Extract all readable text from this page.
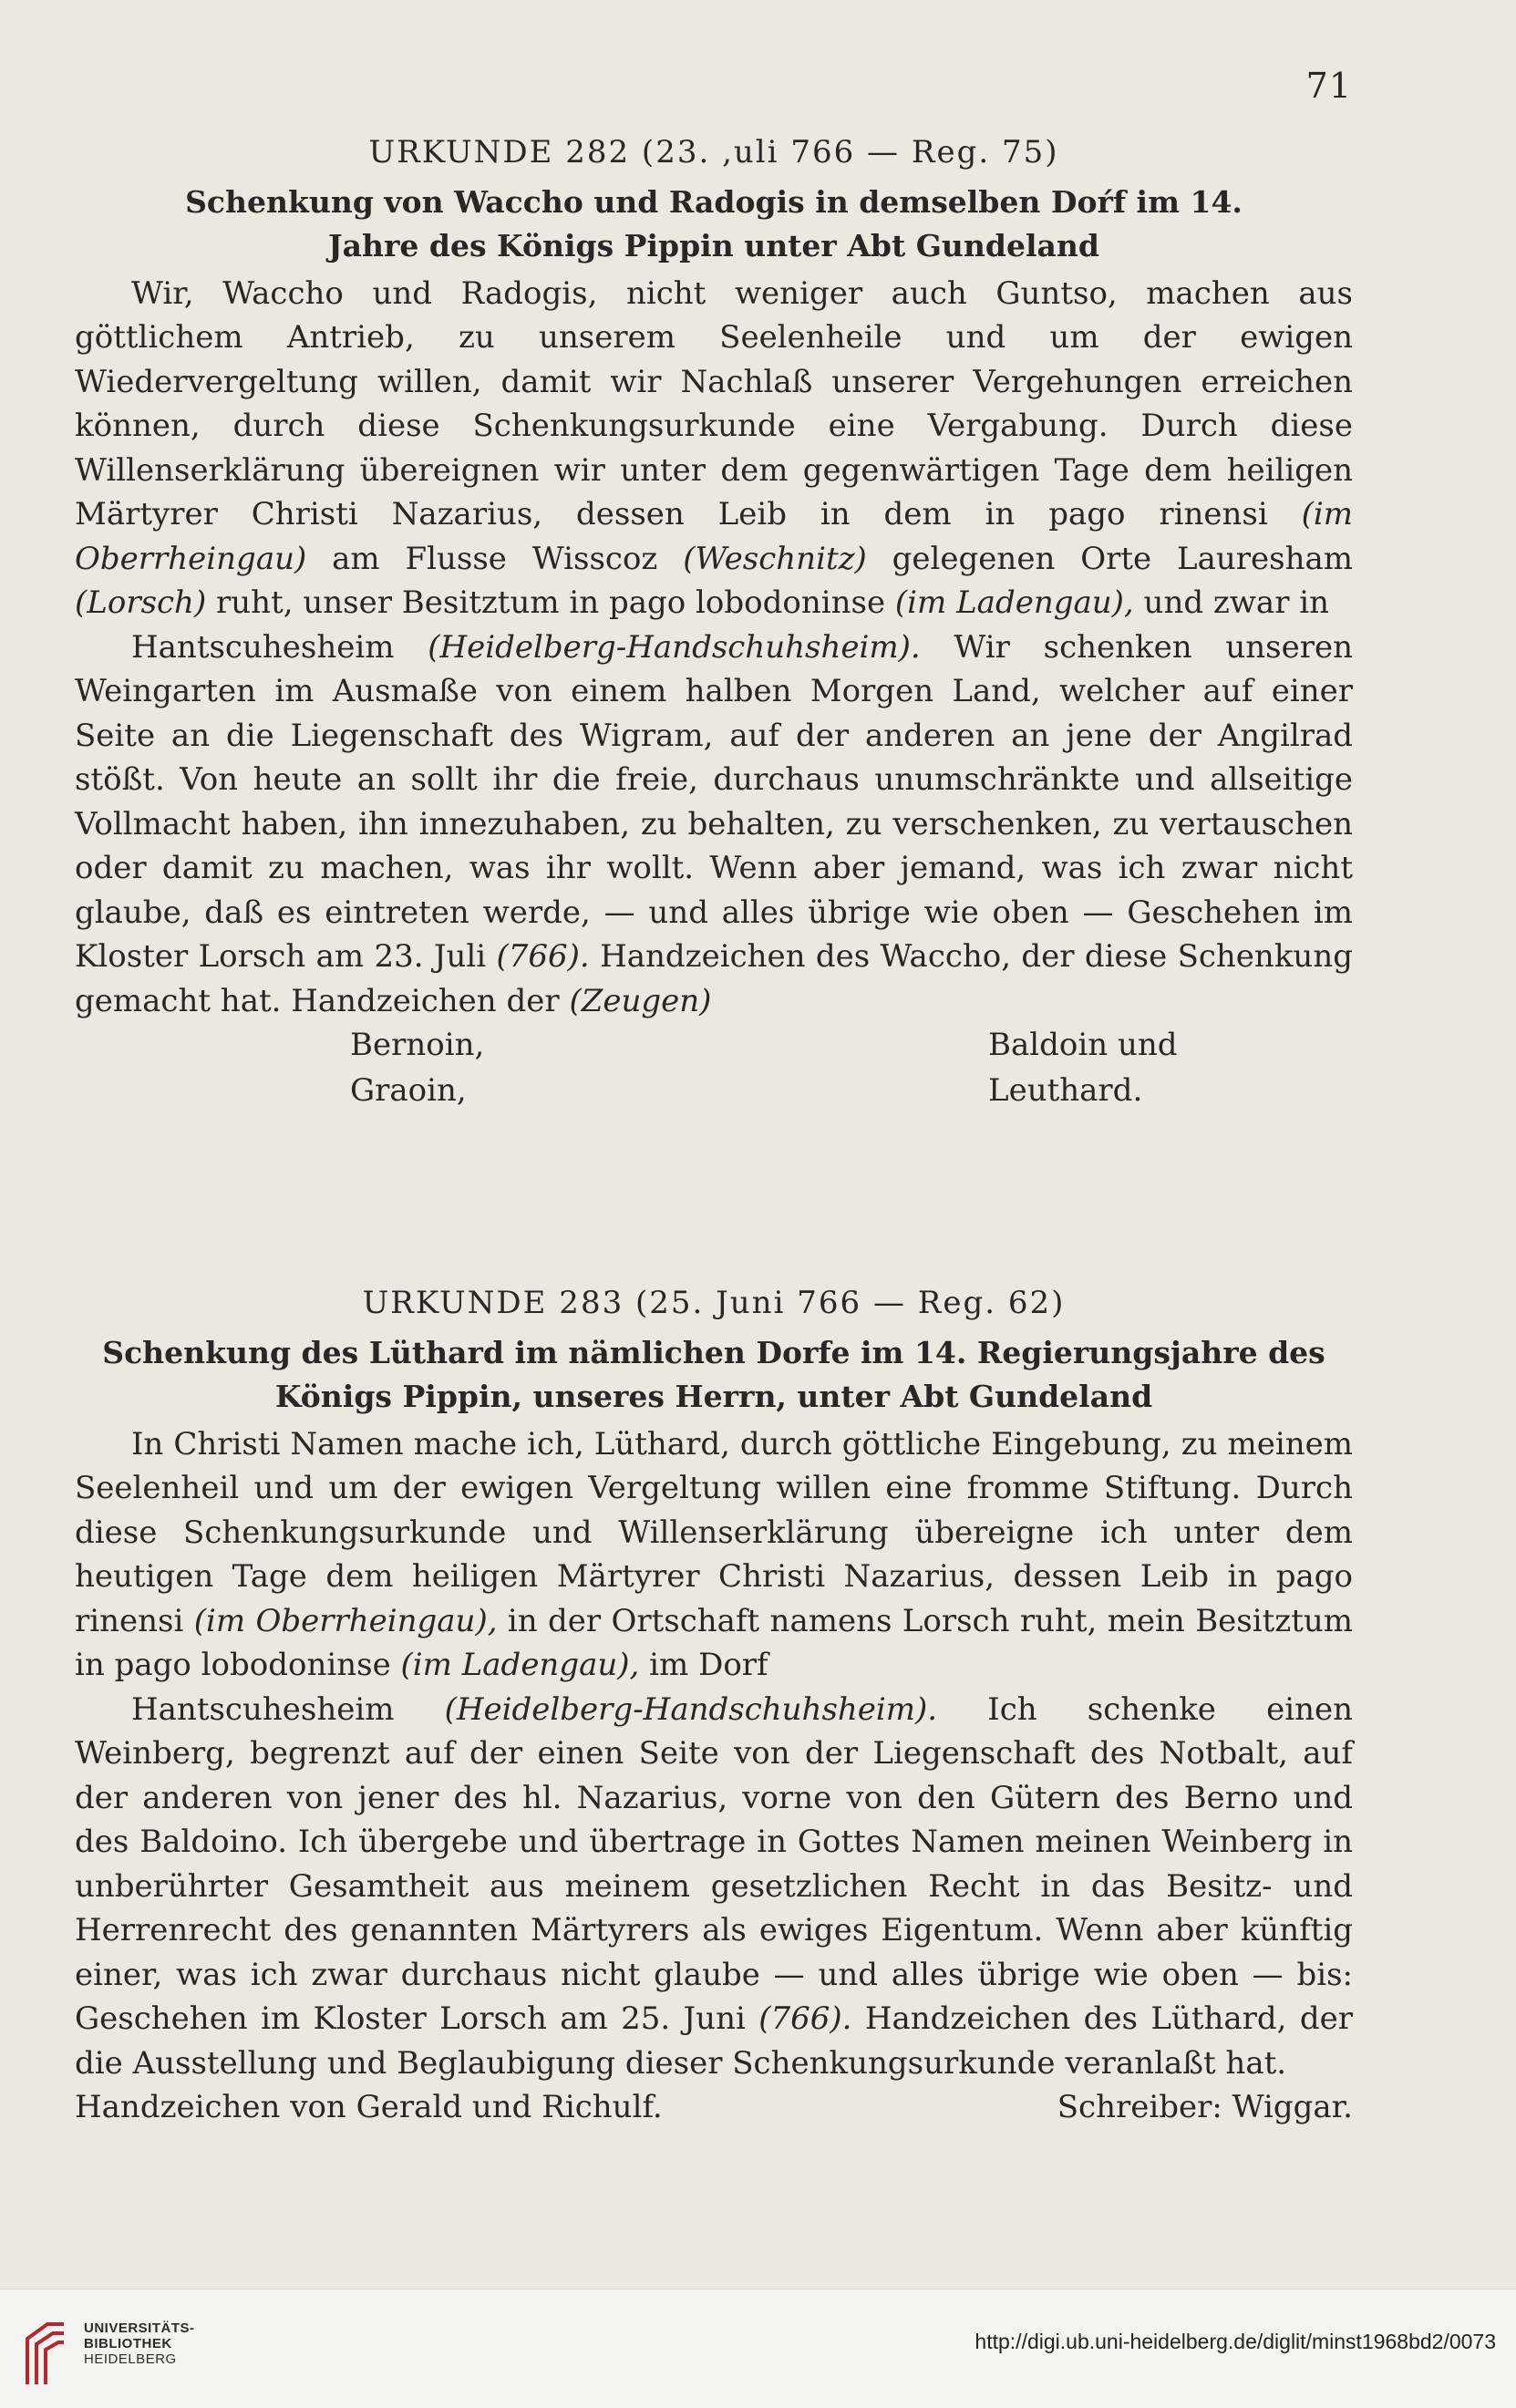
71
URKUNDE 282 (23. ,uli 766 — Reg. 75)
Schenkung von Waccho und Radogis in demselben Doŕf im 14. Jahre des Königs Pippin unter Abt Gundeland

Wir, Waccho und Radogis, nicht weniger auch Guntso, machen aus göttlichem Antrieb, zu unserem Seelenheile und um der ewigen Wiedervergeltung willen, damit wir Nachlaß unserer Vergehungen erreichen können, durch diese Schenkungsurkunde eine Vergabung. Durch diese Willenserklärung übereignen wir unter dem gegenwärtigen Tage dem heiligen Märtyrer Christi Nazarius, dessen Leib in dem in pago rinensi (im Oberrheingau) am Flusse Wisscoz (Weschnitz) gelegenen Orte Lauresham (Lorsch) ruht, unser Besitztum in pago lobodoninse (im Ladengau), und zwar in

Hantscuhesheim (Heidelberg-Handschuhsheim). Wir schenken unseren Weingarten im Ausmaße von einem halben Morgen Land, welcher auf einer Seite an die Liegenschaft des Wigram, auf der anderen an jene der Angilrad stößt. Von heute an sollt ihr die freie, durchaus unumschränkte und allseitige Vollmacht haben, ihn innezuhaben, zu behalten, zu verschenken, zu vertauschen oder damit zu machen, was ihr wollt. Wenn aber jemand, was ich zwar nicht glaube, daß es eintreten werde, — und alles übrige wie oben — Geschehen im Kloster Lorsch am 23. Juli (766). Handzeichen des Waccho, der diese Schenkung gemacht hat. Handzeichen der (Zeugen)

Bernoin,	Baldoin und
Graoin,	Leuthard.
URKUNDE 283 (25. Juni 766 — Reg. 62)
Schenkung des Lüthard im nämlichen Dorfe im 14. Regierungsjahre des Königs Pippin, unseres Herrn, unter Abt Gundeland

In Christi Namen mache ich, Lüthard, durch göttliche Eingebung, zu meinem Seelenheil und um der ewigen Vergeltung willen eine fromme Stiftung. Durch diese Schenkungsurkunde und Willenserklärung übereigne ich unter dem heutigen Tage dem heiligen Märtyrer Christi Nazarius, dessen Leib in pago rinensi (im Oberrheingau), in der Ortschaft namens Lorsch ruht, mein Besitztum in pago lobodoninse (im Ladengau), im Dorf

Hantscuhesheim (Heidelberg-Handschuhsheim). Ich schenke einen Weinberg, begrenzt auf der einen Seite von der Liegenschaft des Notbalt, auf der anderen von jener des hl. Nazarius, vorne von den Gütern des Berno und des Baldoino. Ich übergebe und übertrage in Gottes Namen meinen Weinberg in unberührter Gesamtheit aus meinem gesetzlichen Recht in das Besitz- und Herrenrecht des genannten Märtyrers als ewiges Eigentum. Wenn aber künftig einer, was ich zwar durchaus nicht glaube — und alles übrige wie oben — bis: Geschehen im Kloster Lorsch am 25. Juni (766). Handzeichen des Lüthard, der die Ausstellung und Beglaubigung dieser Schenkungsurkunde veranlaßt hat.

Handzeichen von Gerald und Richulf.	Schreiber: Wiggar.

UNIVERSITÄTS-
BIBLIOTHEK
HEIDELBERG
http://digi.ub.uni-heidelberg.de/diglit/minst1968bd2/0073
